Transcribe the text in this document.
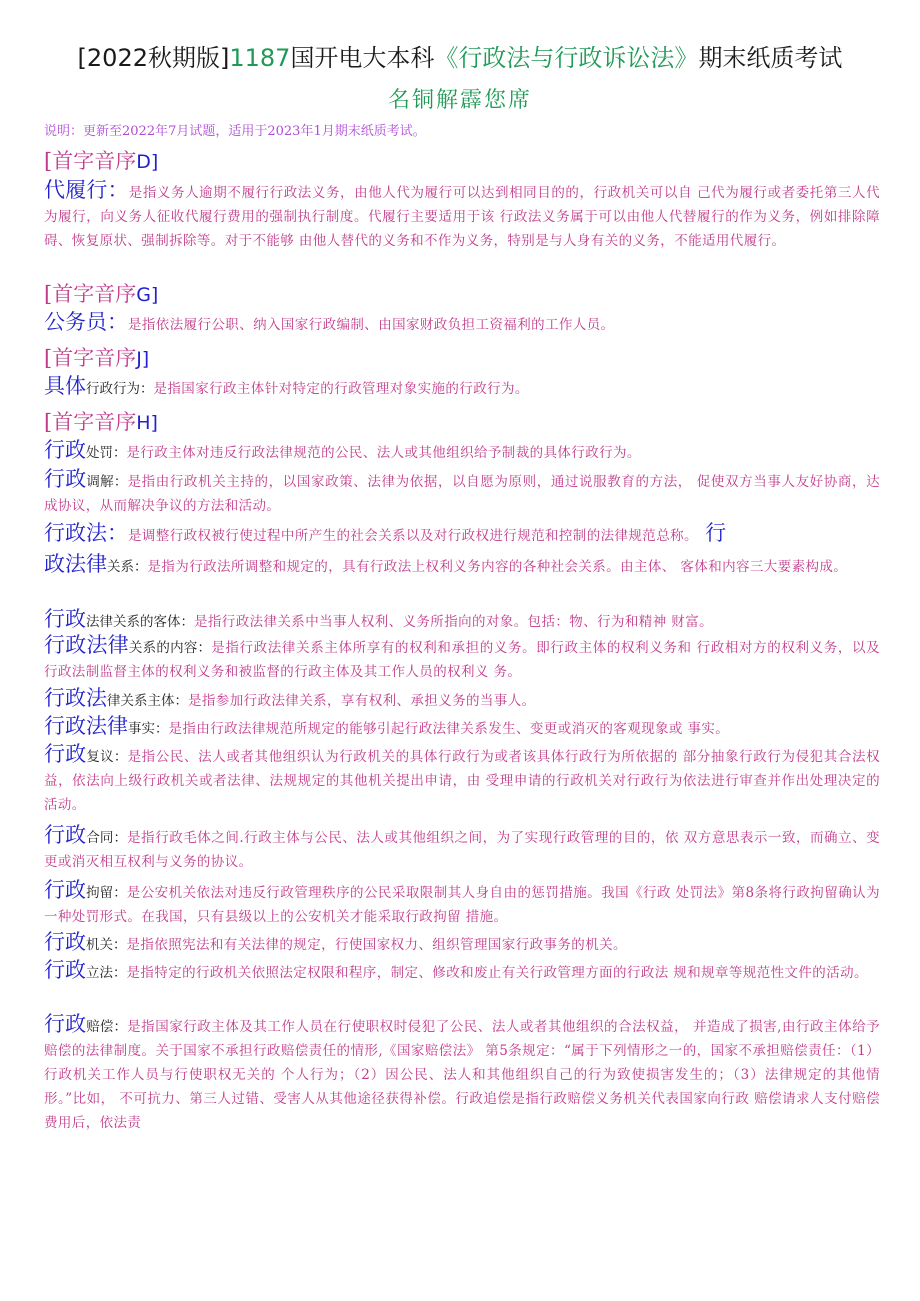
[2022秋期版]1187国开电大本科《行政法与行政诉讼法》期末纸质考试
名铜解霹您席
说明：更新至2022年7月试题，适用于2023年1月期末纸质考试。
[首字音序D]
代履行：是指义务人逾期不履行行政法义务，由他人代为履行可以达到相同目的的，行政机关可以自 己代为履行或者委托第三人代为履行，向义务人征收代履行费用的强制执行制度。代履行主要适用于该 行政法义务属于可以由他人代替履行的作为义务，例如排除障碍、恢复原状、强制拆除等。对于不能够 由他人替代的义务和不作为义务，特别是与人身有关的义务，不能适用代履行。
[首字音序G]
公务员：是指依法履行公职、纳入国家行政编制、由国家财政负担工资福利的工作人员。
[首字音序J]
具体行政行为：是指国家行政主体针对特定的行政管理对象实施的行政行为。
[首字音序H]
行政处罚：是行政主体对违反行政法律规范的公民、法人或其他组织给予制裁的具体行政行为。
行政调解：是指由行政机关主持的，以国家政策、法律为依据，以自愿为原则，通过说服教育的方法， 促使双方当事人友好协商，达成协议，从而解决争议的方法和活动。
行政法：是调整行政权被行使过程中所产生的社会关系以及对行政权进行规范和控制的法律规范总称。　 行
政法律关系：是指为行政法所调整和规定的，具有行政法上权利义务内容的各种社会关系。由主体、 客体和内容三大要素构成。
行政法律关系的客体：是指行政法律关系中当事人权利、义务所指向的对象。包括：物、行为和精神 财富。
行政法律关系的内容：是指行政法律关系主体所享有的权利和承担的义务。即行政主体的权利义务和 行政相对方的权利义务，以及行政法制监督主体的权利义务和被监督的行政主体及其工作人员的权利义 务。
行政法律关系主体：是指参加行政法律关系，享有权利、承担义务的当事人。
行政法律事实：是指由行政法律规范所规定的能够引起行政法律关系发生、变更或消灭的客观现象或 事实。
行政复议：是指公民、法人或者其他组织认为行政机关的具体行政行为或者该具体行政行为所依据的 部分抽象行政行为侵犯其合法权益，依法向上级行政机关或者法律、法规规定的其他机关提出申请，由 受理申请的行政机关对行政行为依法进行审查并作出处理决定的活动。
行政合同：是指行政毛体之间.行政主体与公民、法人或其他组织之间，为了实现行政管理的目的，依 双方意思表示一致，而确立、变更或消灭相互权利与义务的协议。
行政拘留：是公安机关依法对违反行政管理秩序的公民采取限制其人身自由的惩罚措施。我国《行政 处罚法》第8条将行政拘留确认为一种处罚形式。在我国，只有县级以上的公安机关才能采取行政拘留 措施。
行政机关：是指依照宪法和有关法律的规定，行使国家权力、组织管理国家行政事务的机关。
行政立法：是指特定的行政机关依照法定权限和程序，制定、修改和废止有关行政管理方面的行政法 规和规章等规范性文件的活动。
行政赔偿：是指国家行政主体及其工作人员在行使职权时侵犯了公民、法人或者其他组织的合法权益， 并造成了损害,由行政主体给予赔偿的法律制度。关于国家不承担行政赔偿责任的情形,《国家赔偿法》 第5条规定：“属于下列情形之一的，国家不承担赔偿责任：（1）行政机关工作人员与行使职权无关的 个人行为；（2）因公民、法人和其他组织自己的行为致使损害发生的；（3）法律规定的其他情形。”比如， 不可抗力、第三人过错、受害人从其他途径获得补偿。行政追偿是指行政赔偿义务机关代表国家向行政 赔偿请求人支付赔偿费用后，依法责
